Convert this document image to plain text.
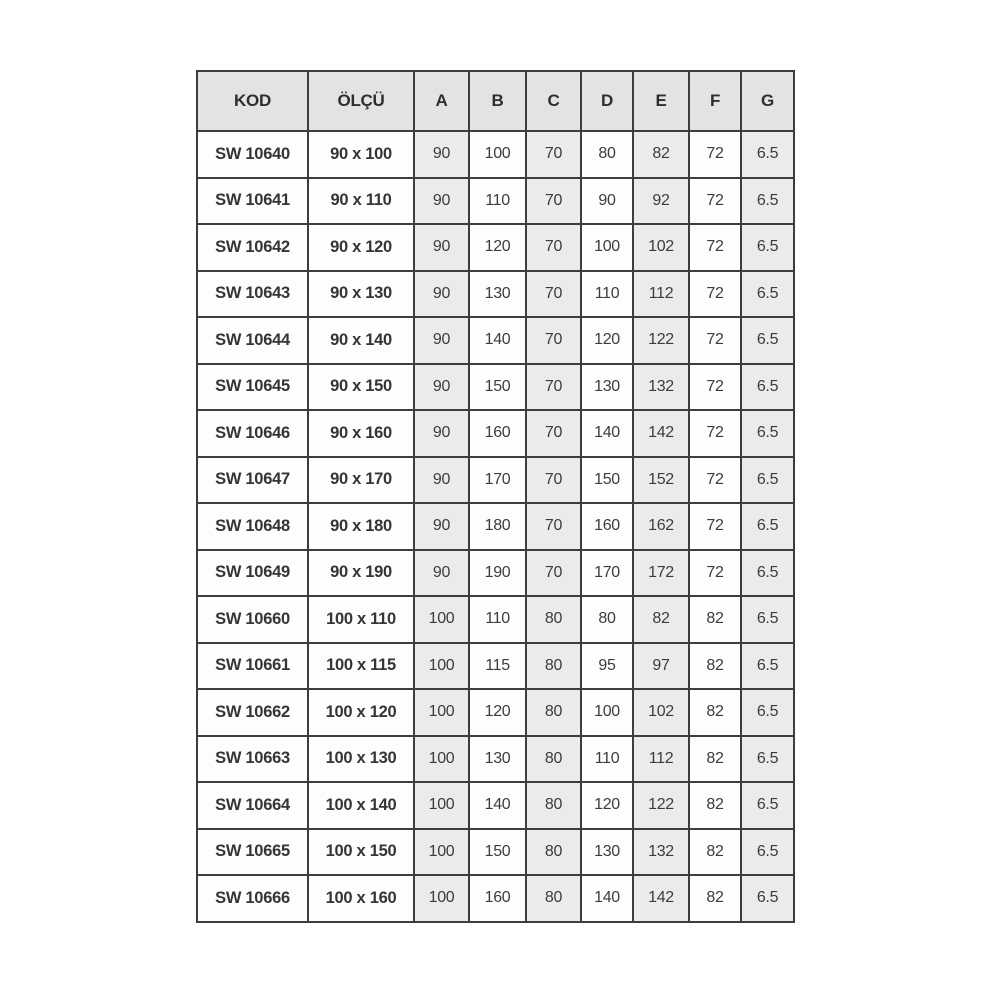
KOD	ÖLÇÜ	A	B	C	D	E	F	G
SW 10640	90 x 100	90	100	70	80	82	72	6.5
SW 10641	90 x 110	90	110	70	90	92	72	6.5
SW 10642	90 x 120	90	120	70	100	102	72	6.5
SW 10643	90 x 130	90	130	70	110	112	72	6.5
SW 10644	90 x 140	90	140	70	120	122	72	6.5
SW 10645	90 x 150	90	150	70	130	132	72	6.5
SW 10646	90 x 160	90	160	70	140	142	72	6.5
SW 10647	90 x 170	90	170	70	150	152	72	6.5
SW 10648	90 x 180	90	180	70	160	162	72	6.5
SW 10649	90 x 190	90	190	70	170	172	72	6.5
SW 10660	100 x 110	100	110	80	80	82	82	6.5
SW 10661	100 x 115	100	115	80	95	97	82	6.5
SW 10662	100 x 120	100	120	80	100	102	82	6.5
SW 10663	100 x 130	100	130	80	110	112	82	6.5
SW 10664	100 x 140	100	140	80	120	122	82	6.5
SW 10665	100 x 150	100	150	80	130	132	82	6.5
SW 10666	100 x 160	100	160	80	140	142	82	6.5
